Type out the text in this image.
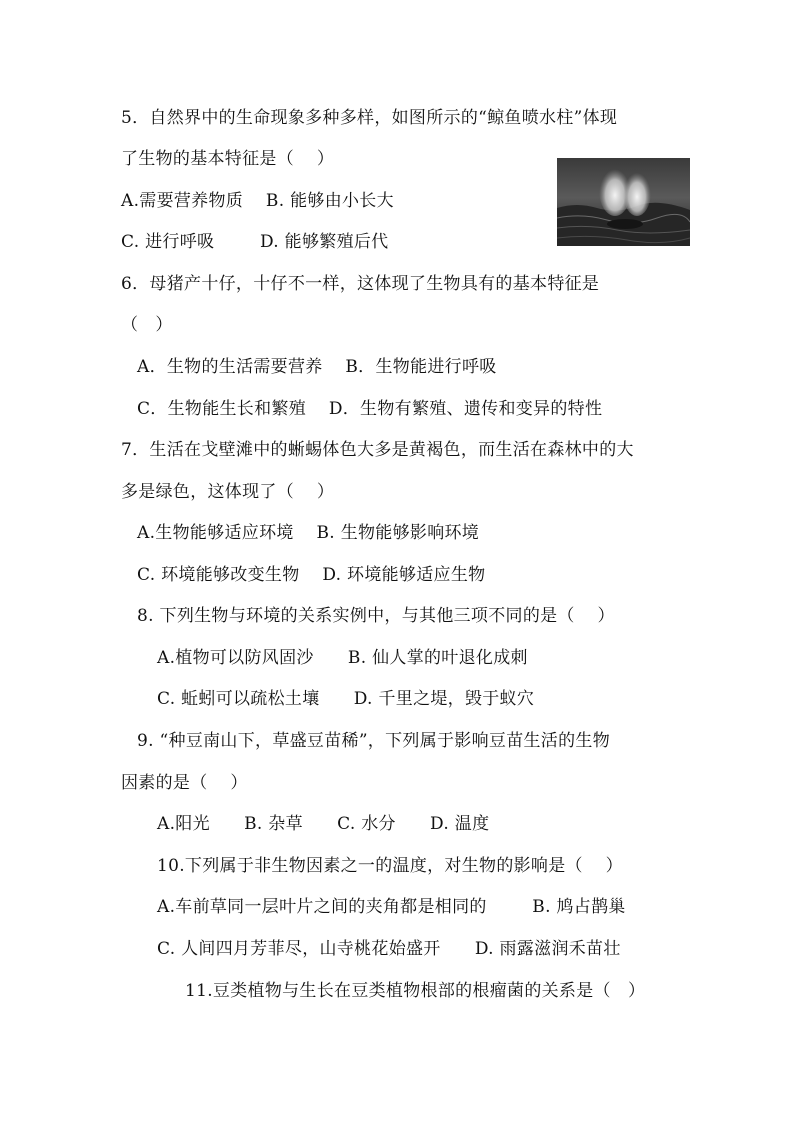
5．自然界中的生命现象多种多样，如图所示的“鲸鱼喷水柱”体现
了生物的基本特征是（    ）
A.需要营养物质    B. 能够由小长大
C. 进行呼吸        D. 能够繁殖后代
6．母猪产十仔，十仔不一样，这体现了生物具有的基本特征是
（   ）
A．生物的生活需要营养    B．生物能进行呼吸
C．生物能生长和繁殖    D．生物有繁殖、遗传和变异的特性
7．生活在戈壁滩中的蜥蜴体色大多是黄褐色，而生活在森林中的大
多是绿色，这体现了（    ）
A.生物能够适应环境    B. 生物能够影响环境
C. 环境能够改变生物    D. 环境能够适应生物
8. 下列生物与环境的关系实例中，与其他三项不同的是（    ）
A.植物可以防风固沙      B. 仙人掌的叶退化成刺
C. 蚯蚓可以疏松土壤      D. 千里之堤，毁于蚁穴
9. “种豆南山下，草盛豆苗稀”，下列属于影响豆苗生活的生物
因素的是（    ）
A.阳光      B. 杂草      C. 水分      D. 温度
10.下列属于非生物因素之一的温度，对生物的影响是（    ）
A.车前草同一层叶片之间的夹角都是相同的        B. 鸠占鹊巢
C. 人间四月芳菲尽，山寺桃花始盛开      D. 雨露滋润禾苗壮
11.豆类植物与生长在豆类植物根部的根瘤菌的关系是（   ）
